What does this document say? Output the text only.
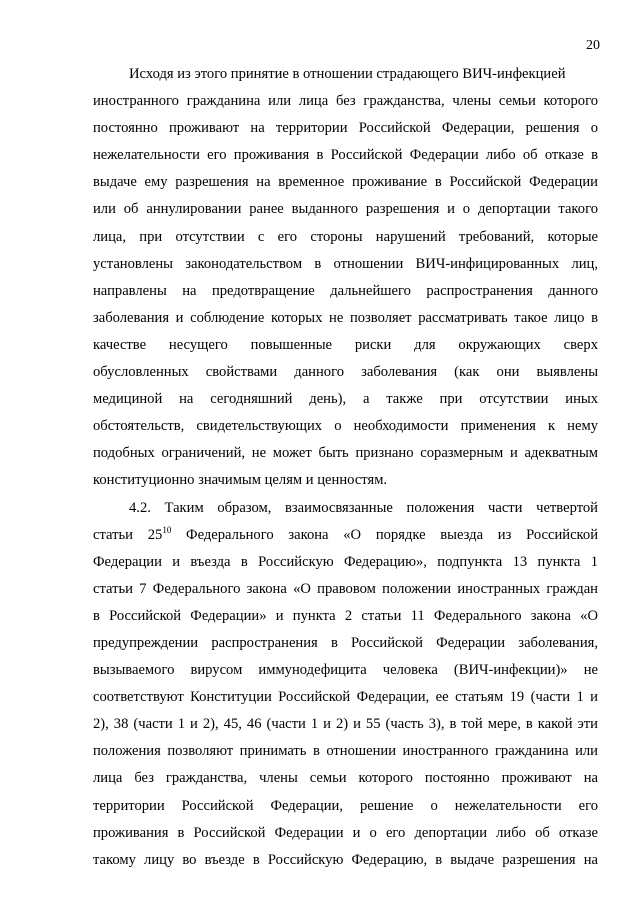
20
Исходя из этого принятие в отношении страдающего ВИЧ-инфекцией
иностранного гражданина или лица без гражданства, члены семьи которого
постоянно проживают на территории Российской Федерации, решения о
нежелательности его проживания в Российской Федерации либо об отказе в
выдаче ему разрешения на временное проживание в Российской Федерации
или об аннулировании ранее выданного разрешения и о депортации такого
лица, при отсутствии с его стороны нарушений требований, которые
установлены законодательством в отношении ВИЧ-инфицированных лиц,
направлены на предотвращение дальнейшего распространения данного
заболевания и соблюдение которых не позволяет рассматривать такое лицо в
качестве несущего повышенные риски для окружающих сверх
обусловленных свойствами данного заболевания (как они выявлены
медициной на сегодняшний день), а также при отсутствии иных
обстоятельств, свидетельствующих о необходимости применения к нему
подобных ограничений, не может быть признано соразмерным и адекватным
конституционно значимым целям и ценностям.
4.2. Таким образом, взаимосвязанные положения части четвертой
статьи $25^{10}$ Федерального закона «О порядке выезда из Российской
Федерации и въезда в Российскую Федерацию», подпункта 13 пункта 1
статьи 7 Федерального закона «О правовом положении иностранных граждан
в Российской Федерации» и пункта 2 статьи 11 Федерального закона «О
предупреждении распространения в Российской Федерации заболевания,
вызываемого вирусом иммунодефицита человека (ВИЧ-инфекции)» не
соответствуют Конституции Российской Федерации, ее статьям 19 (части 1 и
2), 38 (части 1 и 2), 45, 46 (части 1 и 2) и 55 (часть 3), в той мере, в какой эти
положения позволяют принимать в отношении иностранного гражданина или
лица без гражданства, члены семьи которого постоянно проживают на
территории Российской Федерации, решение о нежелательности его
проживания в Российской Федерации и о его депортации либо об отказе
такому лицу во въезде в Российскую Федерацию, в выдаче разрешения на
